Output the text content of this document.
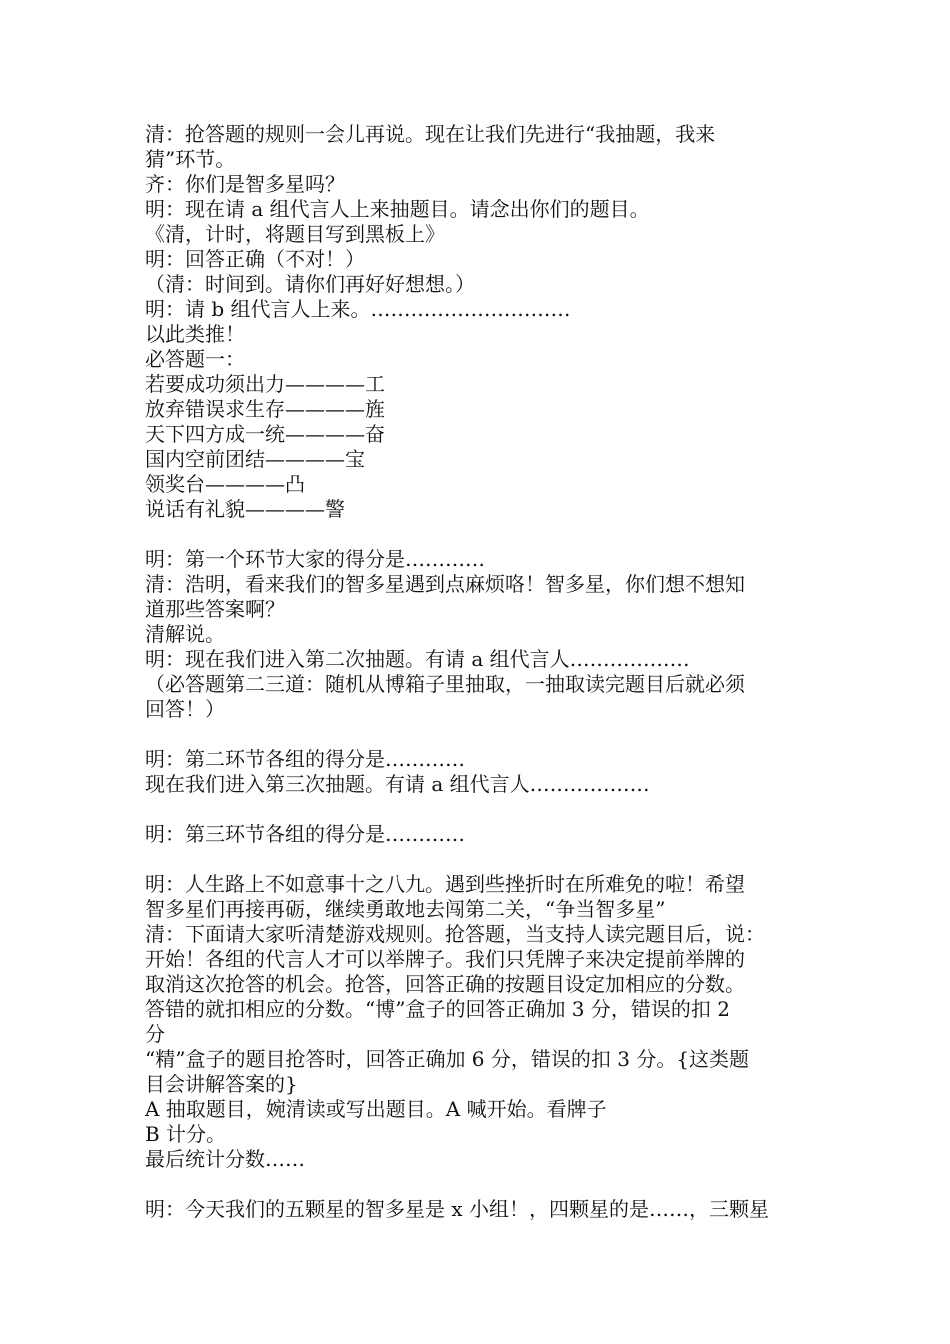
清：抢答题的规则一会儿再说。现在让我们先进行“我抽题，我来
猜”环节。
齐：你们是智多星吗？
明：现在请 a 组代言人上来抽题目。请念出你们的题目。
《清，计时，将题目写到黑板上》
明：回答正确（不对！）
（清：时间到。请你们再好好想想。）
明：请 b 组代言人上来。…………………………
以此类推！
必答题一：
若要成功须出力————工
放弃错误求生存————旌
天下四方成一统————奋
国内空前团结————宝
领奖台————凸
说话有礼貌————警
明：第一个环节大家的得分是…………
清：浩明，看来我们的智多星遇到点麻烦咯！智多星，你们想不想知
道那些答案啊？
清解说。
明：现在我们进入第二次抽题。有请 a 组代言人………………
（必答题第二三道：随机从博箱子里抽取，一抽取读完题目后就必须
回答！）
明：第二环节各组的得分是…………
现在我们进入第三次抽题。有请 a 组代言人………………
明：第三环节各组的得分是…………
明：人生路上不如意事十之八九。遇到些挫折时在所难免的啦！希望
智多星们再接再砺，继续勇敢地去闯第二关，“争当智多星”
清：下面请大家听清楚游戏规则。抢答题，当支持人读完题目后，说：
开始！各组的代言人才可以举牌子。我们只凭牌子来决定提前举牌的
取消这次抢答的机会。抢答，回答正确的按题目设定加相应的分数。
答错的就扣相应的分数。“博”盒子的回答正确加 3 分，错误的扣 2
分
“精”盒子的题目抢答时，回答正确加 6 分，错误的扣 3 分。{这类题
目会讲解答案的}
A 抽取题目，婉清读或写出题目。A 喊开始。看牌子
B 计分。
最后统计分数……
明：今天我们的五颗星的智多星是 x 小组！，四颗星的是……，三颗星
